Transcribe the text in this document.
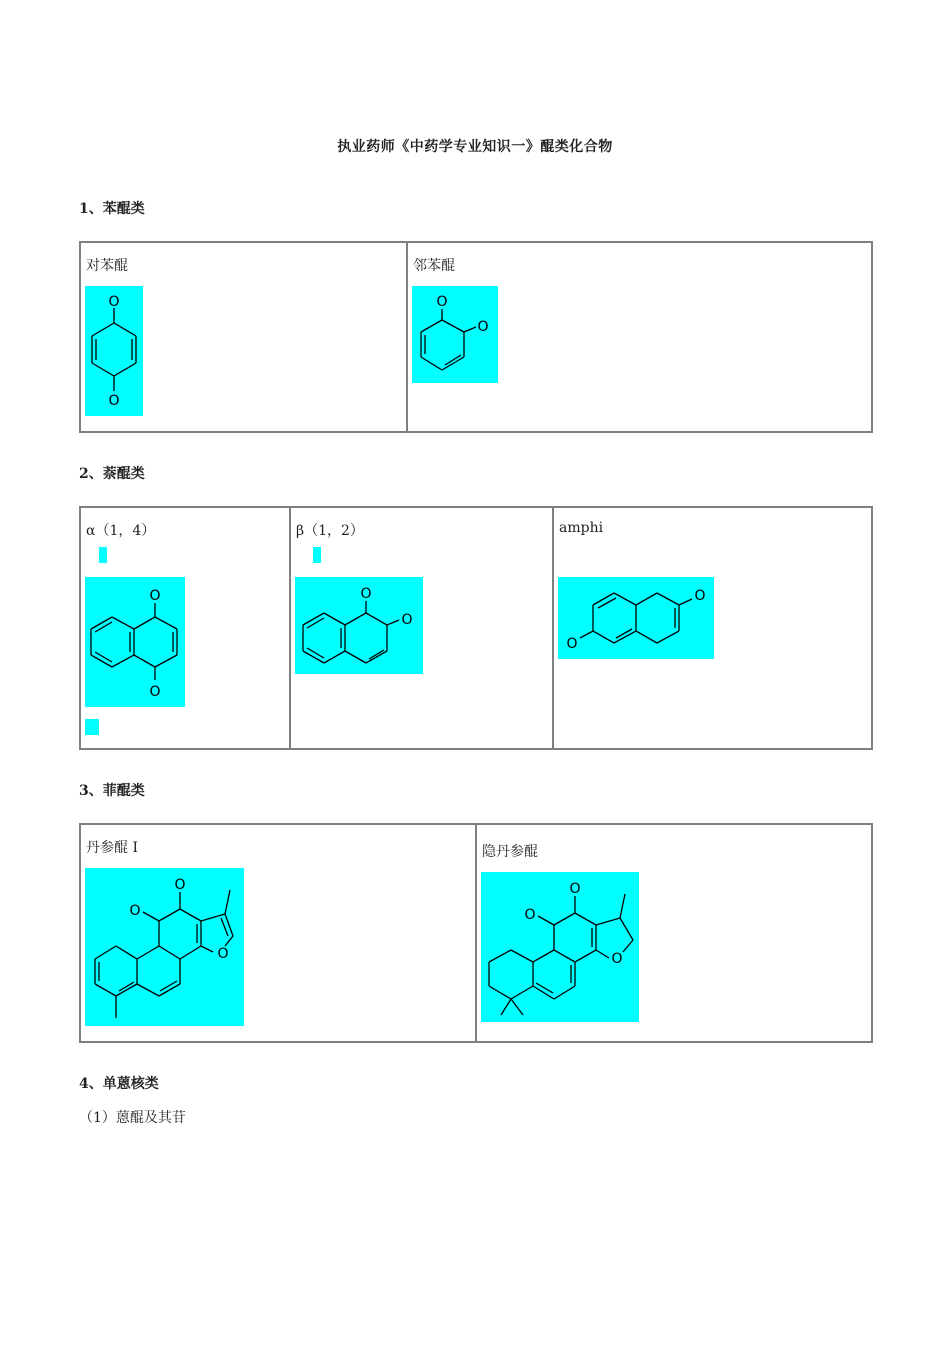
执业药师《中药学专业知识一》醌类化合物
1、苯醌类
对苯醌
O
O

邻苯醌
O
O
2、萘醌类
α（1，4）
O
O

β（1，2）
O
O

amphi
O
O
3、菲醌类
丹参醌 I
O
O
O

隐丹参醌
O
O
O
4、单蒽核类
（1）蒽醌及其苷
